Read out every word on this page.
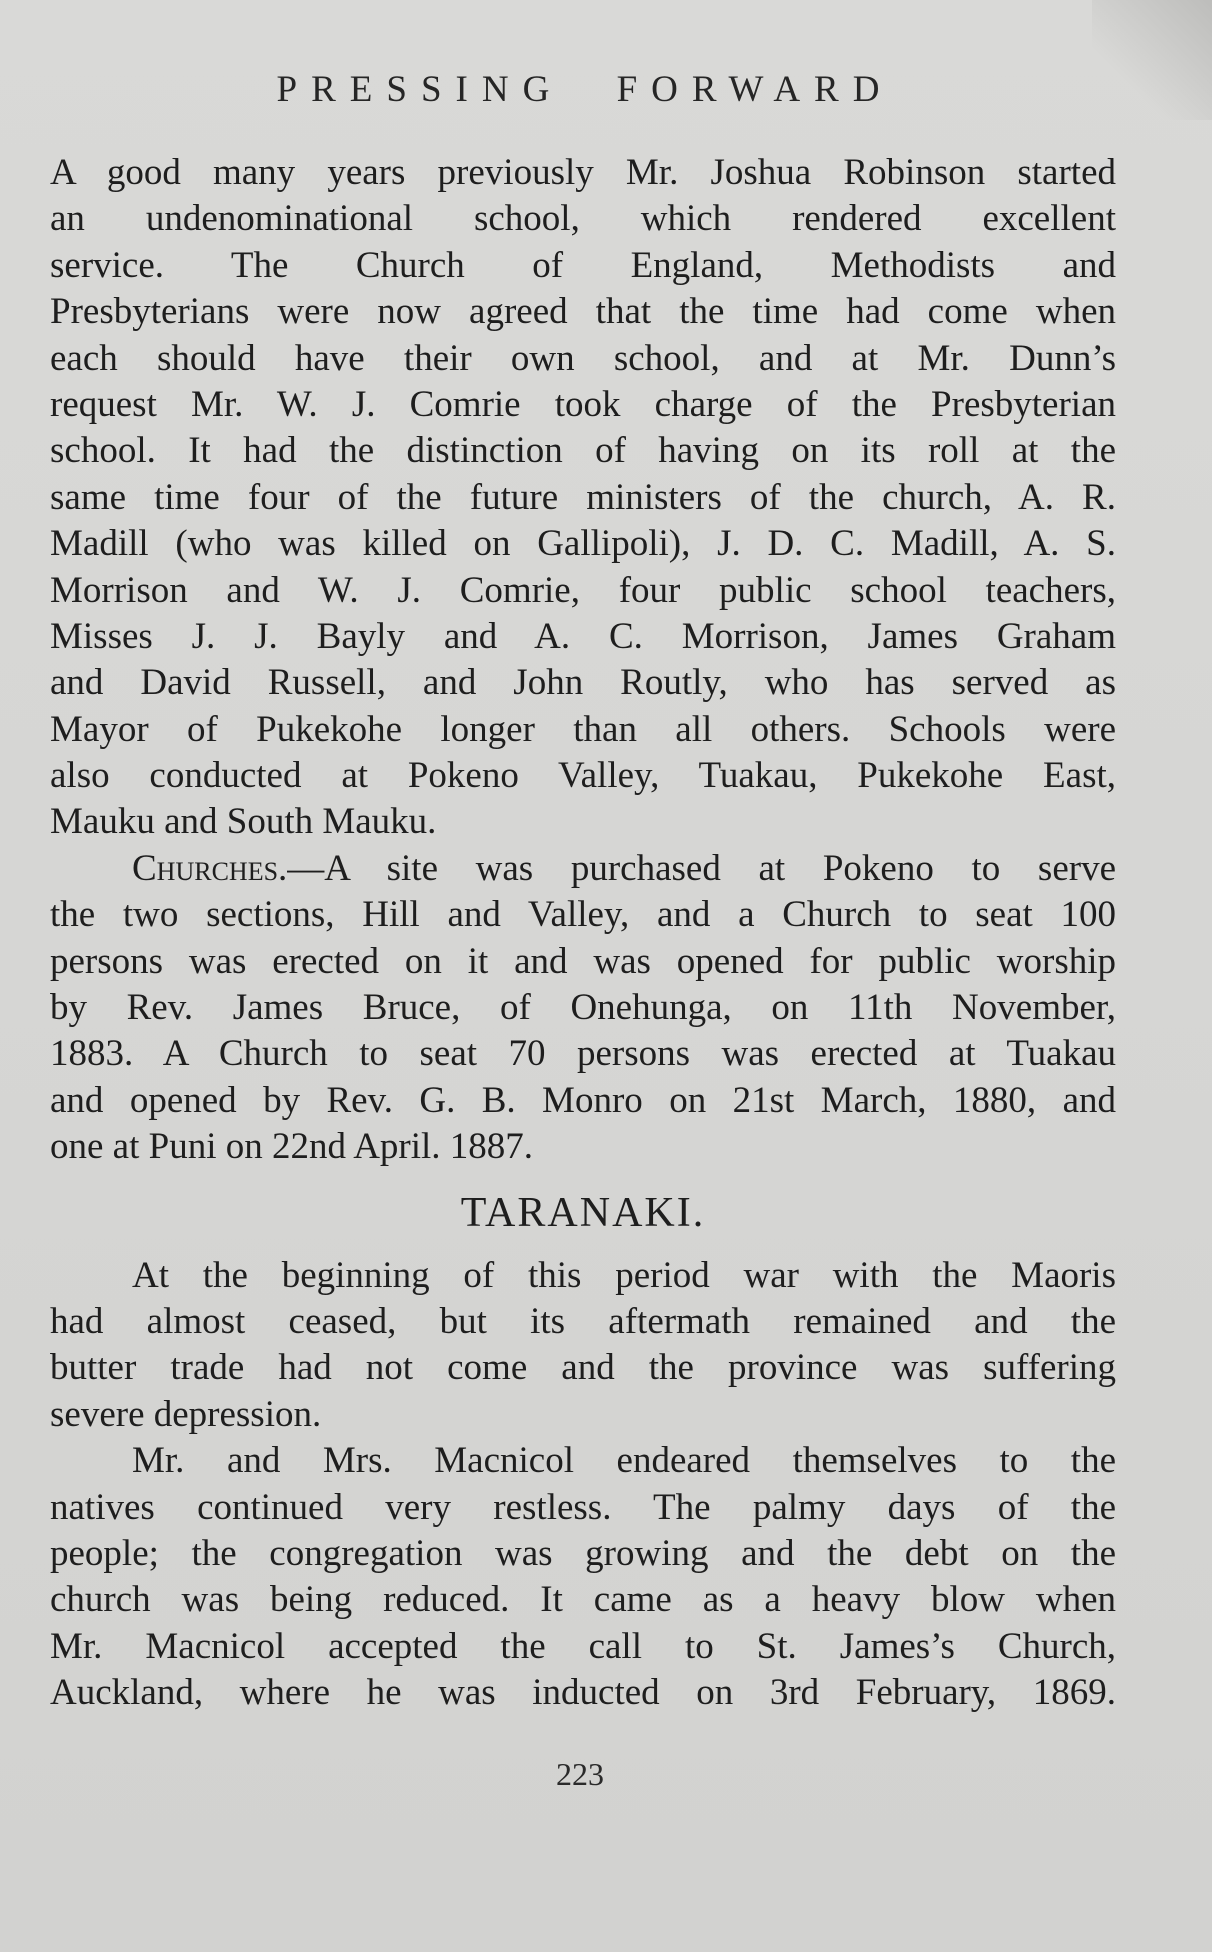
PRESSING FORWARD
A good many years previously Mr. Joshua Robinson started
an undenominational school, which rendered excellent
service. The Church of England, Methodists and
Presbyterians were now agreed that the time had come when
each should have their own school, and at Mr. Dunn’s
request Mr. W. J. Comrie took charge of the Presbyterian
school. It had the distinction of having on its roll at the
same time four of the future ministers of the church, A. R.
Madill (who was killed on Gallipoli), J. D. C. Madill, A. S.
Morrison and W. J. Comrie, four public school teachers,
Misses J. J. Bayly and A. C. Morrison, James Graham
and David Russell, and John Routly, who has served as
Mayor of Pukekohe longer than all others. Schools were
also conducted at Pokeno Valley, Tuakau, Pukekohe East,
Mauku and South Mauku.
Churches.—A site was purchased at Pokeno to serve
the two sections, Hill and Valley, and a Church to seat 100
persons was erected on it and was opened for public worship
by Rev. James Bruce, of Onehunga, on 11th November,
1883. A Church to seat 70 persons was erected at Tuakau
and opened by Rev. G. B. Monro on 21st March, 1880, and
one at Puni on 22nd April. 1887.
TARANAKI.
At the beginning of this period war with the Maoris
had almost ceased, but its aftermath remained and the
butter trade had not come and the province was suffering
severe depression.
Mr. and Mrs. Macnicol endeared themselves to the
natives continued very restless. The palmy days of the
people; the congregation was growing and the debt on the
church was being reduced. It came as a heavy blow when
Mr. Macnicol accepted the call to St. James’s Church,
Auckland, where he was inducted on 3rd February, 1869.
223
